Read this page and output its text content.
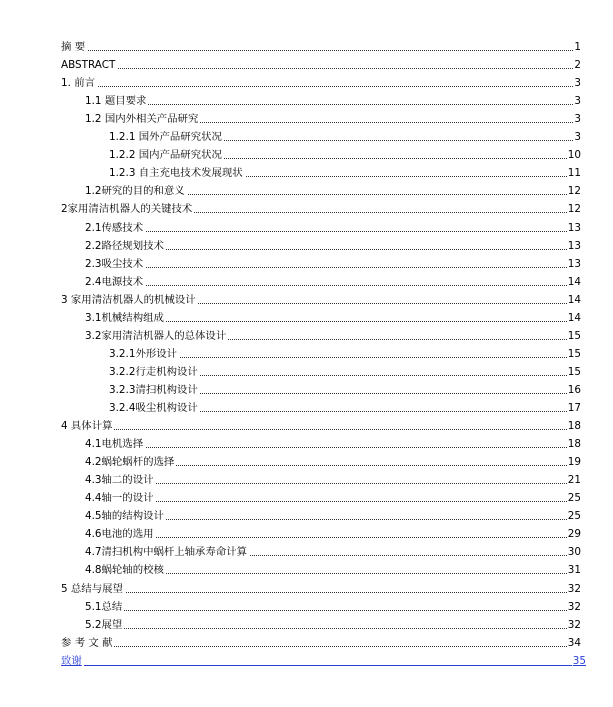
摘 要	1
ABSTRACT	2
1. 前言	3
1.1 题目要求	3
1.2 国内外相关产品研究	3
1.2.1 国外产品研究状况	3
1.2.2 国内产品研究状况	10
1.2.3 自主充电技术发展现状	11
1.2研究的目的和意义	12
2家用清洁机器人的关键技术	12
2.1传感技术	13
2.2路径规划技术	13
2.3吸尘技术	13
2.4电源技术	14
3 家用清洁机器人的机械设计	14
3.1机械结构组成	14
3.2家用清洁机器人的总体设计	15
3.2.1外形设计	15
3.2.2行走机构设计	15
3.2.3清扫机构设计	16
3.2.4吸尘机构设计	17
4 具体计算	18
4.1电机选择	18
4.2蜗轮蜗杆的选择	19
4.3轴二的设计	21
4.4轴一的设计	25
4.5轴的结构设计	25
4.6电池的选用	29
4.7清扫机构中蜗杆上轴承寿命计算	30
4.8蜗轮轴的校核	31
5 总结与展望	32
5.1总结	32
5.2展望	32
参 考 文 献	34
致谢	35
